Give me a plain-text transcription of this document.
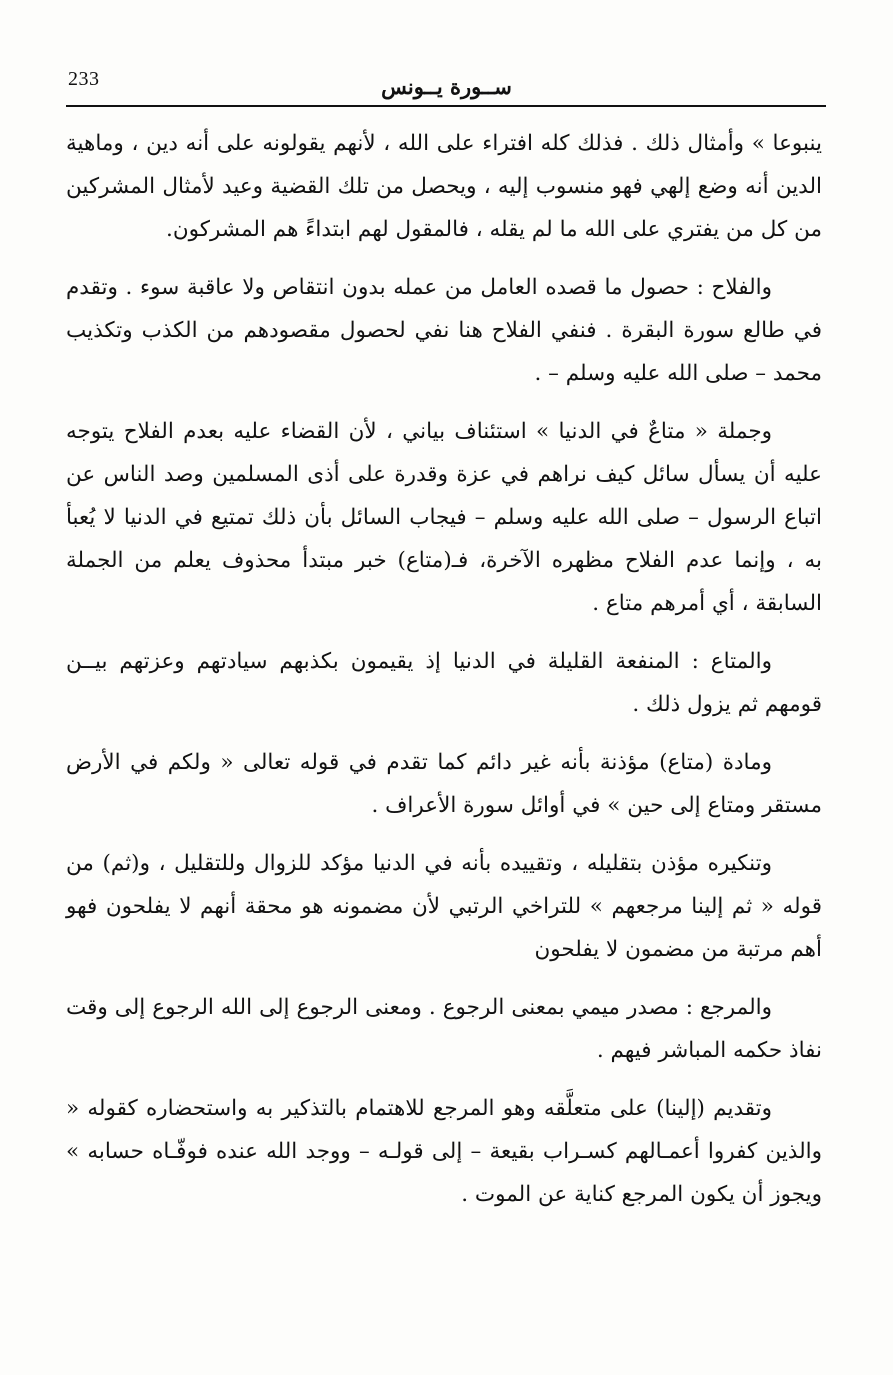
233	ســورة يــونس

ينبوعا » وأمثال ذلك . فذلك كله افتراء على الله ، لأنهم يقولونه على أنه دين ، وماهية الدين أنه وضع إلهي فهو منسوب إليه ، ويحصل من تلك القضية وعيد لأمثال المشركين من كل من يفتري على الله ما لم يقله ، فالمقول لهم ابتداءً هم المشركون.

والفلاح : حصول ما قصده العامل من عمله بدون انتقاص ولا عاقبة سوء . وتقدم في طالع سورة البقرة . فنفي الفلاح هنا نفي لحصول مقصودهم من الكذب وتكذيب محمد – صلى الله عليه وسلم – .

وجملة « متاعٌ في الدنيا » استئناف بياني ، لأن القضاء عليه بعدم الفلاح يتوجه عليه أن يسأل سائل كيف نراهم في عزة وقدرة على أذى المسلمين وصد الناس عن اتباع الرسول – صلى الله عليه وسلم – فيجاب السائل بأن ذلك تمتيع في الدنيا لا يُعبأ به ، وإنما عدم الفلاح مظهره الآخرة، فـ(متاع) خبر مبتدأ محذوف يعلم من الجملة السابقة ، أي أمرهم متاع .

والمتاع : المنفعة القليلة في الدنيا إذ يقيمون بكذبهم سيادتهم وعزتهم بيــن قومهم ثم يزول ذلك .

ومادة (متاع) مؤذنة بأنه غير دائم كما تقدم في قوله تعالى « ولكم في الأرض مستقر ومتاع إلى حين » في أوائل سورة الأعراف .

وتنكيره مؤذن بتقليله ، وتقييده بأنه في الدنيا مؤكد للزوال وللتقليل ، و(ثم) من قوله « ثم إلينا مرجعهم » للتراخي الرتبي لأن مضمونه هو محقة أنهم لا يفلحون فهو أهم مرتبة من مضمون لا يفلحون

والمرجع : مصدر ميمي بمعنى الرجوع . ومعنى الرجوع إلى الله الرجوع إلى وقت نفاذ حكمه المباشر فيهم .

وتقديم (إلينا) على متعلَّقه وهو المرجع للاهتمام بالتذكير به واستحضاره كقوله « والذين كفروا أعمـالهم كسـراب بقيعة – إلى قولـه – ووجد الله عنده فوفّـاه حسابه » ويجوز أن يكون المرجع كناية عن الموت .
